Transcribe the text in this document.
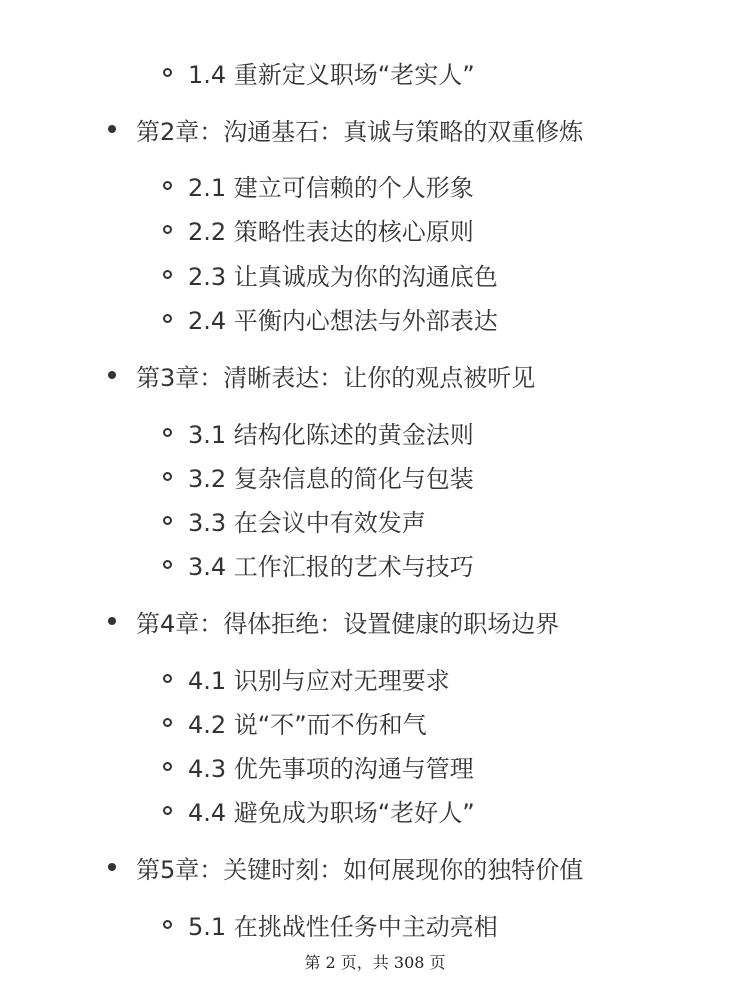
1.4 重新定义职场“老实人”
第2章：沟通基石：真诚与策略的双重修炼
2.1 建立可信赖的个人形象
2.2 策略性表达的核心原则
2.3 让真诚成为你的沟通底色
2.4 平衡内心想法与外部表达
第3章：清晰表达：让你的观点被听见
3.1 结构化陈述的黄金法则
3.2 复杂信息的简化与包装
3.3 在会议中有效发声
3.4 工作汇报的艺术与技巧
第4章：得体拒绝：设置健康的职场边界
4.1 识别与应对无理要求
4.2 说“不”而不伤和气
4.3 优先事项的沟通与管理
4.4 避免成为职场“老好人”
第5章：关键时刻：如何展现你的独特价值
5.1 在挑战性任务中主动亮相
第 2 页，共 308 页
